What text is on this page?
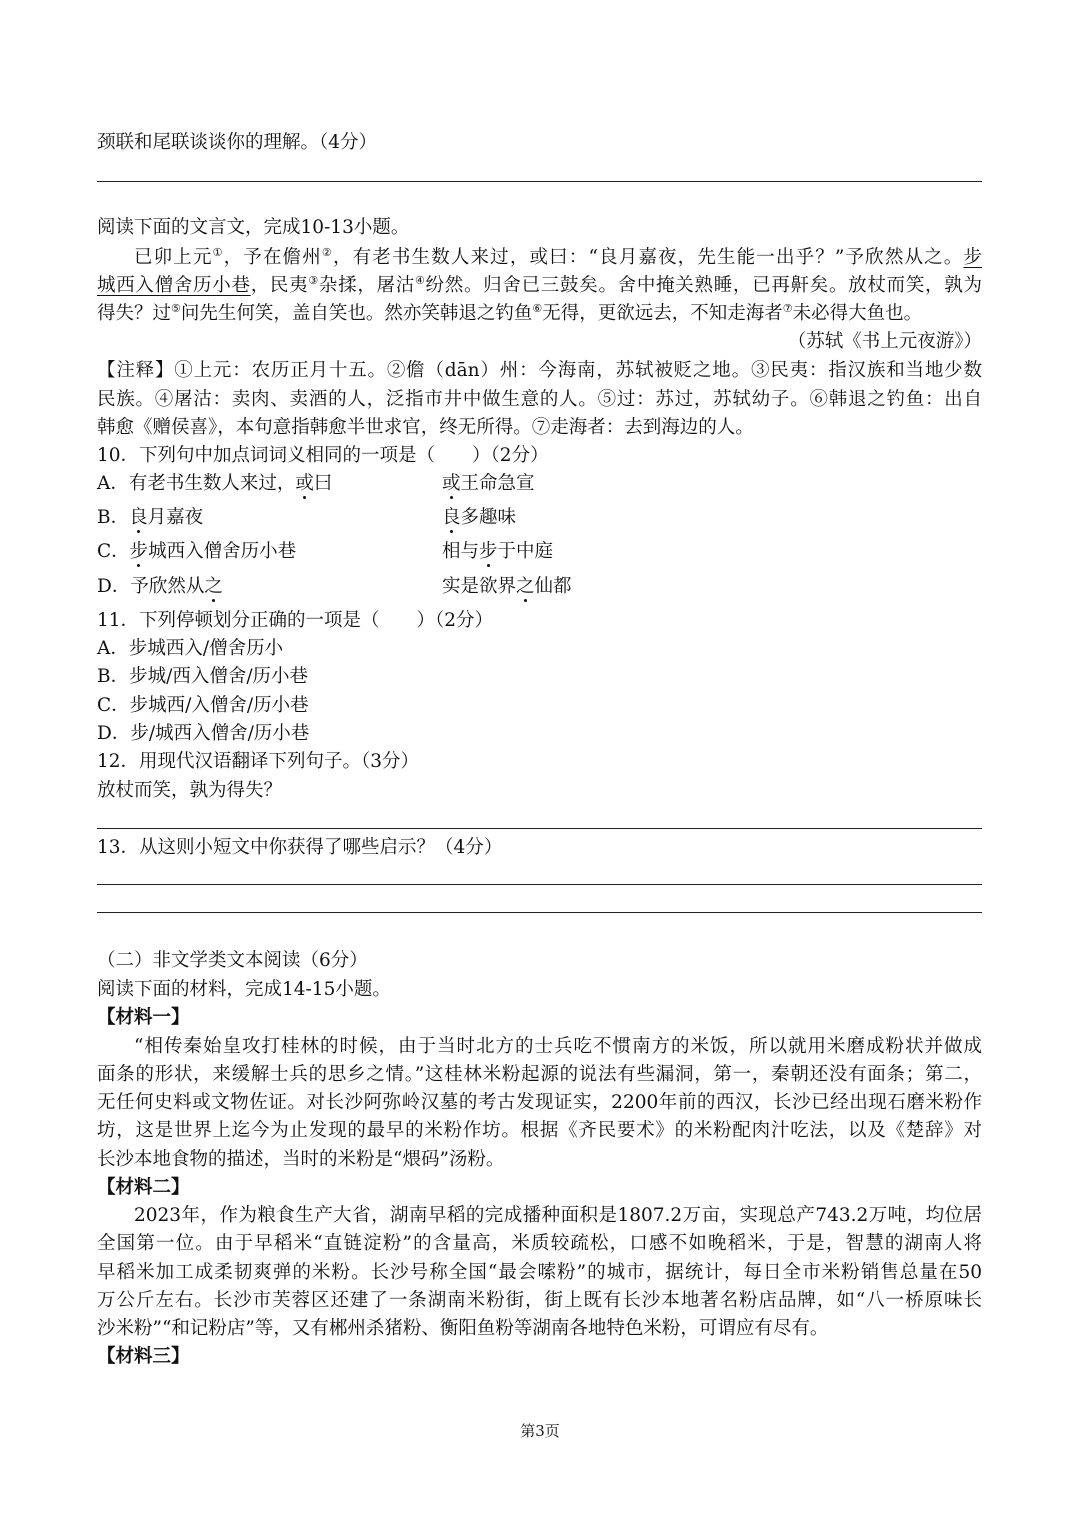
颈联和尾联谈谈你的理解。（4分）
阅读下面的文言文，完成10-13小题。
已卯上元①，予在儋州②，有老书生数人来过，或曰：“良月嘉夜，先生能一出乎？”予欣然从之。步
城西入僧舍历小巷，民夷③杂揉，屠沽④纷然。归舍已三鼓矣。舍中掩关熟睡，已再鼾矣。放杖而笑，孰为
得失？过⑤问先生何笑，盖自笑也。然亦笑韩退之钓鱼⑥无得，更欲远去，不知走海者⑦未必得大鱼也。
（苏轼《书上元夜游》）
【注释】①上元：农历正月十五。②儋（dān）州：今海南，苏轼被贬之地。③民夷：指汉族和当地少数
民族。④屠沽：卖肉、卖酒的人，泛指市井中做生意的人。⑤过：苏过，苏轼幼子。⑥韩退之钓鱼：出自
韩愈《赠侯喜》，本句意指韩愈半世求官，终无所得。⑦走海者：去到海边的人。
10．下列句中加点词词义相同的一项是（　　）（2分）
A．有老书生数人来过，或曰	或王命急宣
B．良月嘉夜	良多趣味
C．步城西入僧舍历小巷	相与步于中庭
D．予欣然从之	实是欲界之仙都
11．下列停顿划分正确的一项是（　　）（2分）
A．步城西入/僧舍历小
B．步城/西入僧舍/历小巷
C．步城西/入僧舍/历小巷
D．步/城西入僧舍/历小巷
12．用现代汉语翻译下列句子。（3分）
放杖而笑，孰为得失？
13．从这则小短文中你获得了哪些启示？（4分）
（二）非文学类文本阅读（6分）
阅读下面的材料，完成14-15小题。
【材料一】
“相传秦始皇攻打桂林的时候，由于当时北方的士兵吃不惯南方的米饭，所以就用米磨成粉状并做成
面条的形状，来缓解士兵的思乡之情。”这桂林米粉起源的说法有些漏洞，第一，秦朝还没有面条；第二，
无任何史料或文物佐证。对长沙阿弥岭汉墓的考古发现证实，2200年前的西汉，长沙已经出现石磨米粉作
坊，这是世界上迄今为止发现的最早的米粉作坊。根据《齐民要术》的米粉配肉汁吃法，以及《楚辞》对
长沙本地食物的描述，当时的米粉是“煨码”汤粉。
【材料二】
2023年，作为粮食生产大省，湖南早稻的完成播种面积是1807.2万亩，实现总产743.2万吨，均位居
全国第一位。由于早稻米“直链淀粉”的含量高，米质较疏松，口感不如晚稻米，于是，智慧的湖南人将
早稻米加工成柔韧爽弹的米粉。长沙号称全国“最会嗦粉”的城市，据统计，每日全市米粉销售总量在50
万公斤左右。长沙市芙蓉区还建了一条湖南米粉街，街上既有长沙本地著名粉店品牌，如“八一桥原味长
沙米粉”“和记粉店”等，又有郴州杀猪粉、衡阳鱼粉等湖南各地特色米粉，可谓应有尽有。
【材料三】
第3页
